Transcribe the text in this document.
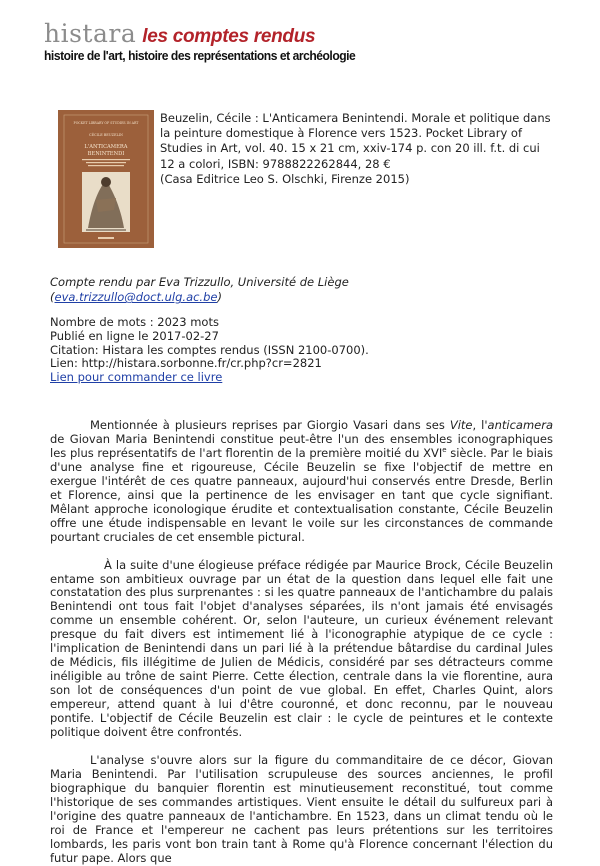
histara les comptes rendus
histoire de l'art, histoire des représentations et archéologie
POCKET LIBRARY OF STUDIES IN ART
CÉCILE BEUZELIN
L'ANTICAMERA
BENINTENDI
Beuzelin, Cécile : L'Anticamera Benintendi. Morale et politique dans
la peinture domestique à Florence vers 1523. Pocket Library of
Studies in Art, vol. 40. 15 x 21 cm, xxiv-174 p. con 20 ill. f.t. di cui
12 a colori, ISBN: 9788822262844, 28 €
(Casa Editrice Leo S. Olschki, Firenze 2015)
Compte rendu par Eva Trizzullo, Université de Liège
(eva.trizzullo@doct.ulg.ac.be)
Nombre de mots : 2023 mots
Publié en ligne le 2017-02-27
Citation: Histara les comptes rendus (ISSN 2100-0700).
Lien: http://histara.sorbonne.fr/cr.php?cr=2821
Lien pour commander ce livre

Mentionnée à plusieurs reprises par Giorgio Vasari dans ses Vite, l'anticamera de Giovan Maria Benintendi constitue peut-être l'un des ensembles iconographiques les plus représentatifs de l'art florentin de la première moitié du XVIe siècle. Par le biais d'une analyse fine et rigoureuse, Cécile Beuzelin se fixe l'objectif de mettre en exergue l'intérêt de ces quatre panneaux, aujourd'hui conservés entre Dresde, Berlin et Florence, ainsi que la pertinence de les envisager en tant que cycle signifiant. Mêlant approche iconologique érudite et contextualisation constante, Cécile Beuzelin offre une étude indispensable en levant le voile sur les circonstances de commande pourtant cruciales de cet ensemble pictural.

À la suite d'une élogieuse préface rédigée par Maurice Brock, Cécile Beuzelin entame son ambitieux ouvrage par un état de la question dans lequel elle fait une constatation des plus surprenantes : si les quatre panneaux de l'antichambre du palais Benintendi ont tous fait l'objet d'analyses séparées, ils n'ont jamais été envisagés comme un ensemble cohérent. Or, selon l'auteure, un curieux événement relevant presque du fait divers est intimement lié à l'iconographie atypique de ce cycle : l'implication de Benintendi dans un pari lié à la prétendue bâtardise du cardinal Jules de Médicis, fils illégitime de Julien de Médicis, considéré par ses détracteurs comme inéligible au trône de saint Pierre. Cette élection, centrale dans la vie florentine, aura son lot de conséquences d'un point de vue global. En effet, Charles Quint, alors empereur, attend quant à lui d'être couronné, et donc reconnu, par le nouveau pontife. L'objectif de Cécile Beuzelin est clair : le cycle de peintures et le contexte politique doivent être confrontés.

L'analyse s'ouvre alors sur la figure du commanditaire de ce décor, Giovan Maria Benintendi. Par l'utilisation scrupuleuse des sources anciennes, le profil biographique du banquier florentin est minutieusement reconstitué, tout comme l'historique de ses commandes artistiques. Vient ensuite le détail du sulfureux pari à l'origine des quatre panneaux de l'antichambre. En 1523, dans un climat tendu où le roi de France et l'empereur ne cachent pas leurs prétentions sur les territoires lombards, les paris vont bon train tant à Rome qu'à Florence concernant l'élection du futur pape. Alors que
